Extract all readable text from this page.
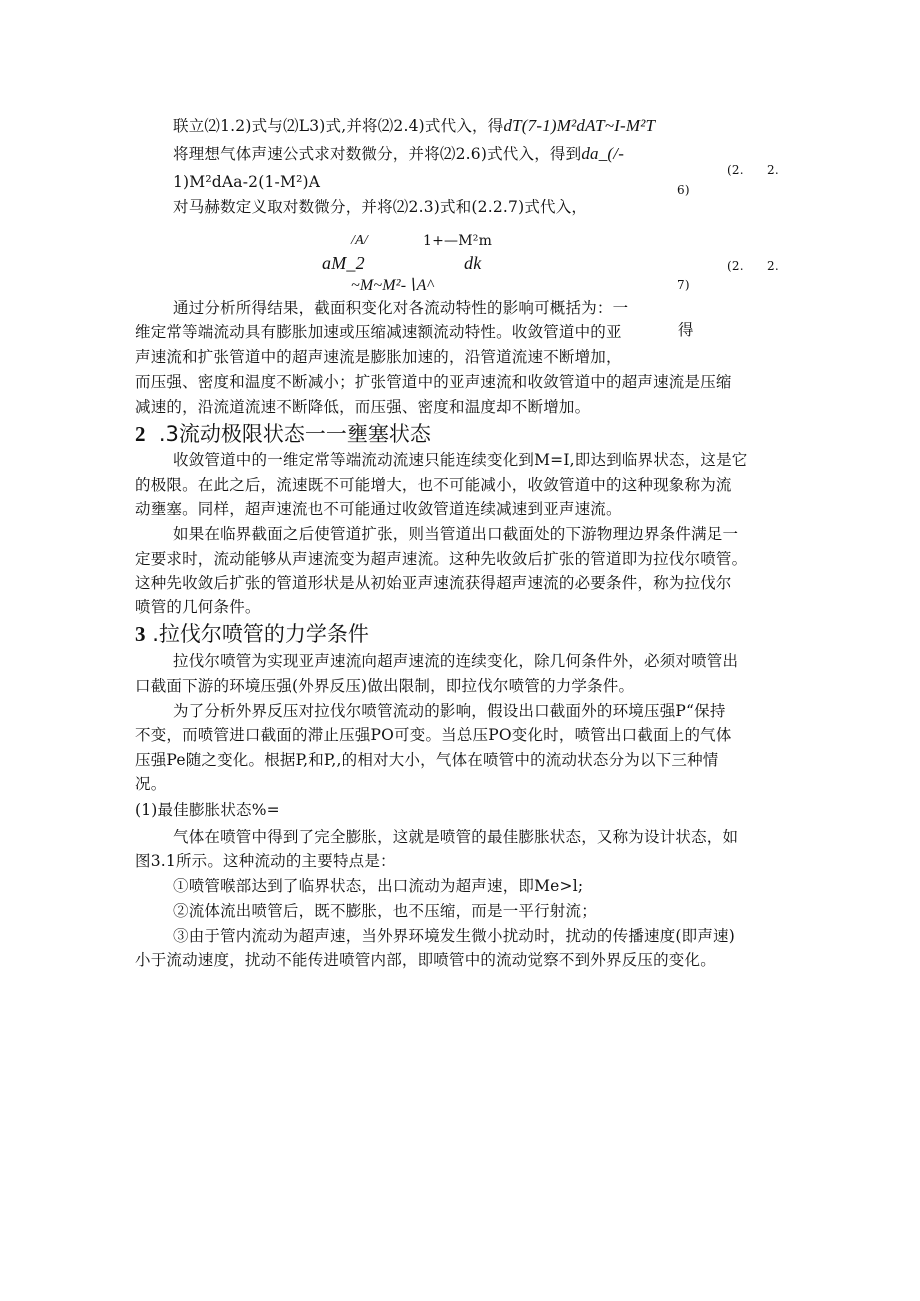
联立⑵1.2)式与⑵L3)式,并将⑵2.4)式代入，得dT(7-1)M²dAT~I-M²T
将理想气体声速公式求对数微分，并将⑵2.6)式代入，得到da_(/-
1)M²dAa-2(1-M²)A
(2. 2.
6)
对马赫数定义取对数微分，并将⑵2.3)式和(2.2.7)式代入，
/A/	1+—M²m
aM_2	dk
~M~M²-∖A^
(2. 2.
7)
通过分析所得结果，截面积变化对各流动特性的影响可概括为：一
维定常等端流动具有膨胀加速或压缩减速额流动特性。收敛管道中的亚	得
声速流和扩张管道中的超声速流是膨胀加速的，沿管道流速不断增加，
而压强、密度和温度不断减小；扩张管道中的亚声速流和收敛管道中的超声速流是压缩
减速的，沿流道流速不断降低，而压强、密度和温度却不断增加。
2 .3流动极限状态一一壅塞状态
收敛管道中的一维定常等端流动流速只能连续变化到M=I,即达到临界状态，这是它
的极限。在此之后，流速既不可能增大，也不可能减小，收敛管道中的这种现象称为流
动壅塞。同样，超声速流也不可能通过收敛管道连续减速到亚声速流。
如果在临界截面之后使管道扩张，则当管道出口截面处的下游物理边界条件满足一
定要求时，流动能够从声速流变为超声速流。这种先收敛后扩张的管道即为拉伐尔喷管。
这种先收敛后扩张的管道形状是从初始亚声速流获得超声速流的必要条件，称为拉伐尔
喷管的几何条件。
3 .拉伐尔喷管的力学条件
拉伐尔喷管为实现亚声速流向超声速流的连续变化，除几何条件外，必须对喷管出
口截面下游的环境压强(外界反压)做出限制，即拉伐尔喷管的力学条件。
为了分析外界反压对拉伐尔喷管流动的影响，假设出口截面外的环境压强P“保持
不变，而喷管进口截面的滞止压强PO可变。当总压PO变化时，喷管出口截面上的气体
压强Pe随之变化。根据P,和P,,的相对大小，气体在喷管中的流动状态分为以下三种情
况。
(1)最佳膨胀状态%=
气体在喷管中得到了完全膨胀，这就是喷管的最佳膨胀状态，又称为设计状态，如
图3.1所示。这种流动的主要特点是：
①喷管喉部达到了临界状态，出口流动为超声速，即Me>l;
②流体流出喷管后，既不膨胀，也不压缩，而是一平行射流；
③由于管内流动为超声速，当外界环境发生微小扰动时，扰动的传播速度(即声速)
小于流动速度，扰动不能传进喷管内部，即喷管中的流动觉察不到外界反压的变化。
